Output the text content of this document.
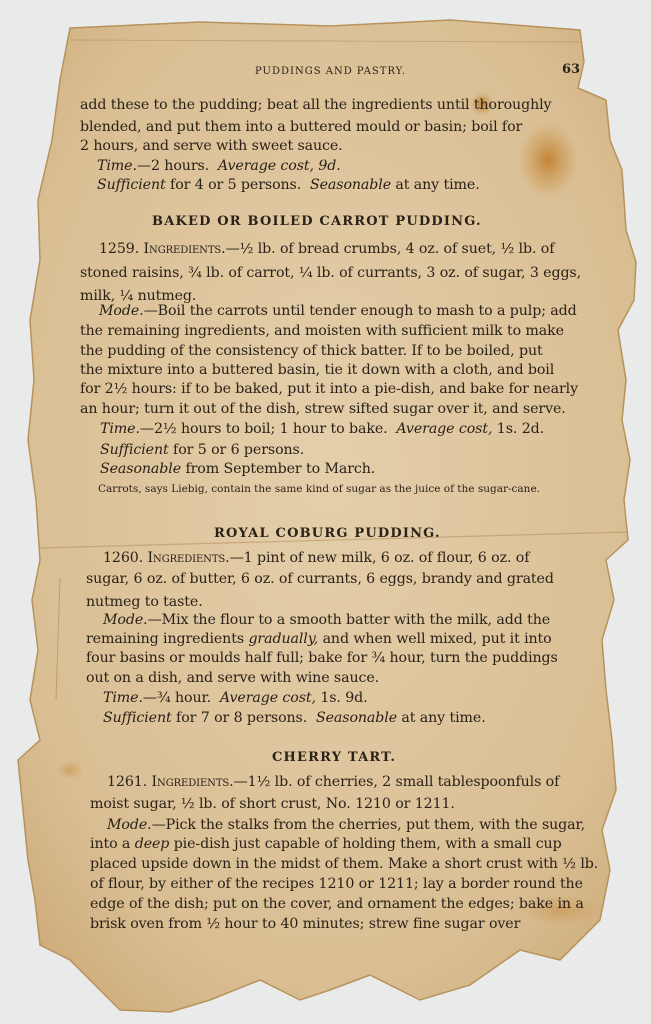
PUDDINGS AND PASTRY.	63
add these to the pudding; beat all the ingredients until thoroughly
blended, and put them into a buttered mould or basin; boil for
2 hours, and serve with sweet sauce.
Time.—2 hours. Average cost, 9d.
Sufficient for 4 or 5 persons. Seasonable at any time.
BAKED OR BOILED CARROT PUDDING.
1259. Ingredients.—½ lb. of bread crumbs, 4 oz. of suet, ½ lb. of
stoned raisins, ¾ lb. of carrot, ¼ lb. of currants, 3 oz. of sugar, 3 eggs,
milk, ¼ nutmeg.
Mode.—Boil the carrots until tender enough to mash to a pulp; add
the remaining ingredients, and moisten with sufficient milk to make
the pudding of the consistency of thick batter. If to be boiled, put
the mixture into a buttered basin, tie it down with a cloth, and boil
for 2½ hours: if to be baked, put it into a pie-dish, and bake for nearly
an hour; turn it out of the dish, strew sifted sugar over it, and serve.
Time.—2½ hours to boil; 1 hour to bake. Average cost, 1s. 2d.
Sufficient for 5 or 6 persons.
Seasonable from September to March.
Carrots, says Liebig, contain the same kind of sugar as the juice of the sugar-cane.
ROYAL COBURG PUDDING.
1260. Ingredients.—1 pint of new milk, 6 oz. of flour, 6 oz. of
sugar, 6 oz. of butter, 6 oz. of currants, 6 eggs, brandy and grated
nutmeg to taste.
Mode.—Mix the flour to a smooth batter with the milk, add the
remaining ingredients gradually, and when well mixed, put it into
four basins or moulds half full; bake for ¾ hour, turn the puddings
out on a dish, and serve with wine sauce.
Time.—¾ hour. Average cost, 1s. 9d.
Sufficient for 7 or 8 persons. Seasonable at any time.
CHERRY TART.
1261. Ingredients.—1½ lb. of cherries, 2 small tablespoonfuls of
moist sugar, ½ lb. of short crust, No. 1210 or 1211.
Mode.—Pick the stalks from the cherries, put them, with the sugar,
into a deep pie-dish just capable of holding them, with a small cup
placed upside down in the midst of them. Make a short crust with ½ lb.
of flour, by either of the recipes 1210 or 1211; lay a border round the
edge of the dish; put on the cover, and ornament the edges; bake in a
brisk oven from ½ hour to 40 minutes; strew fine sugar over
